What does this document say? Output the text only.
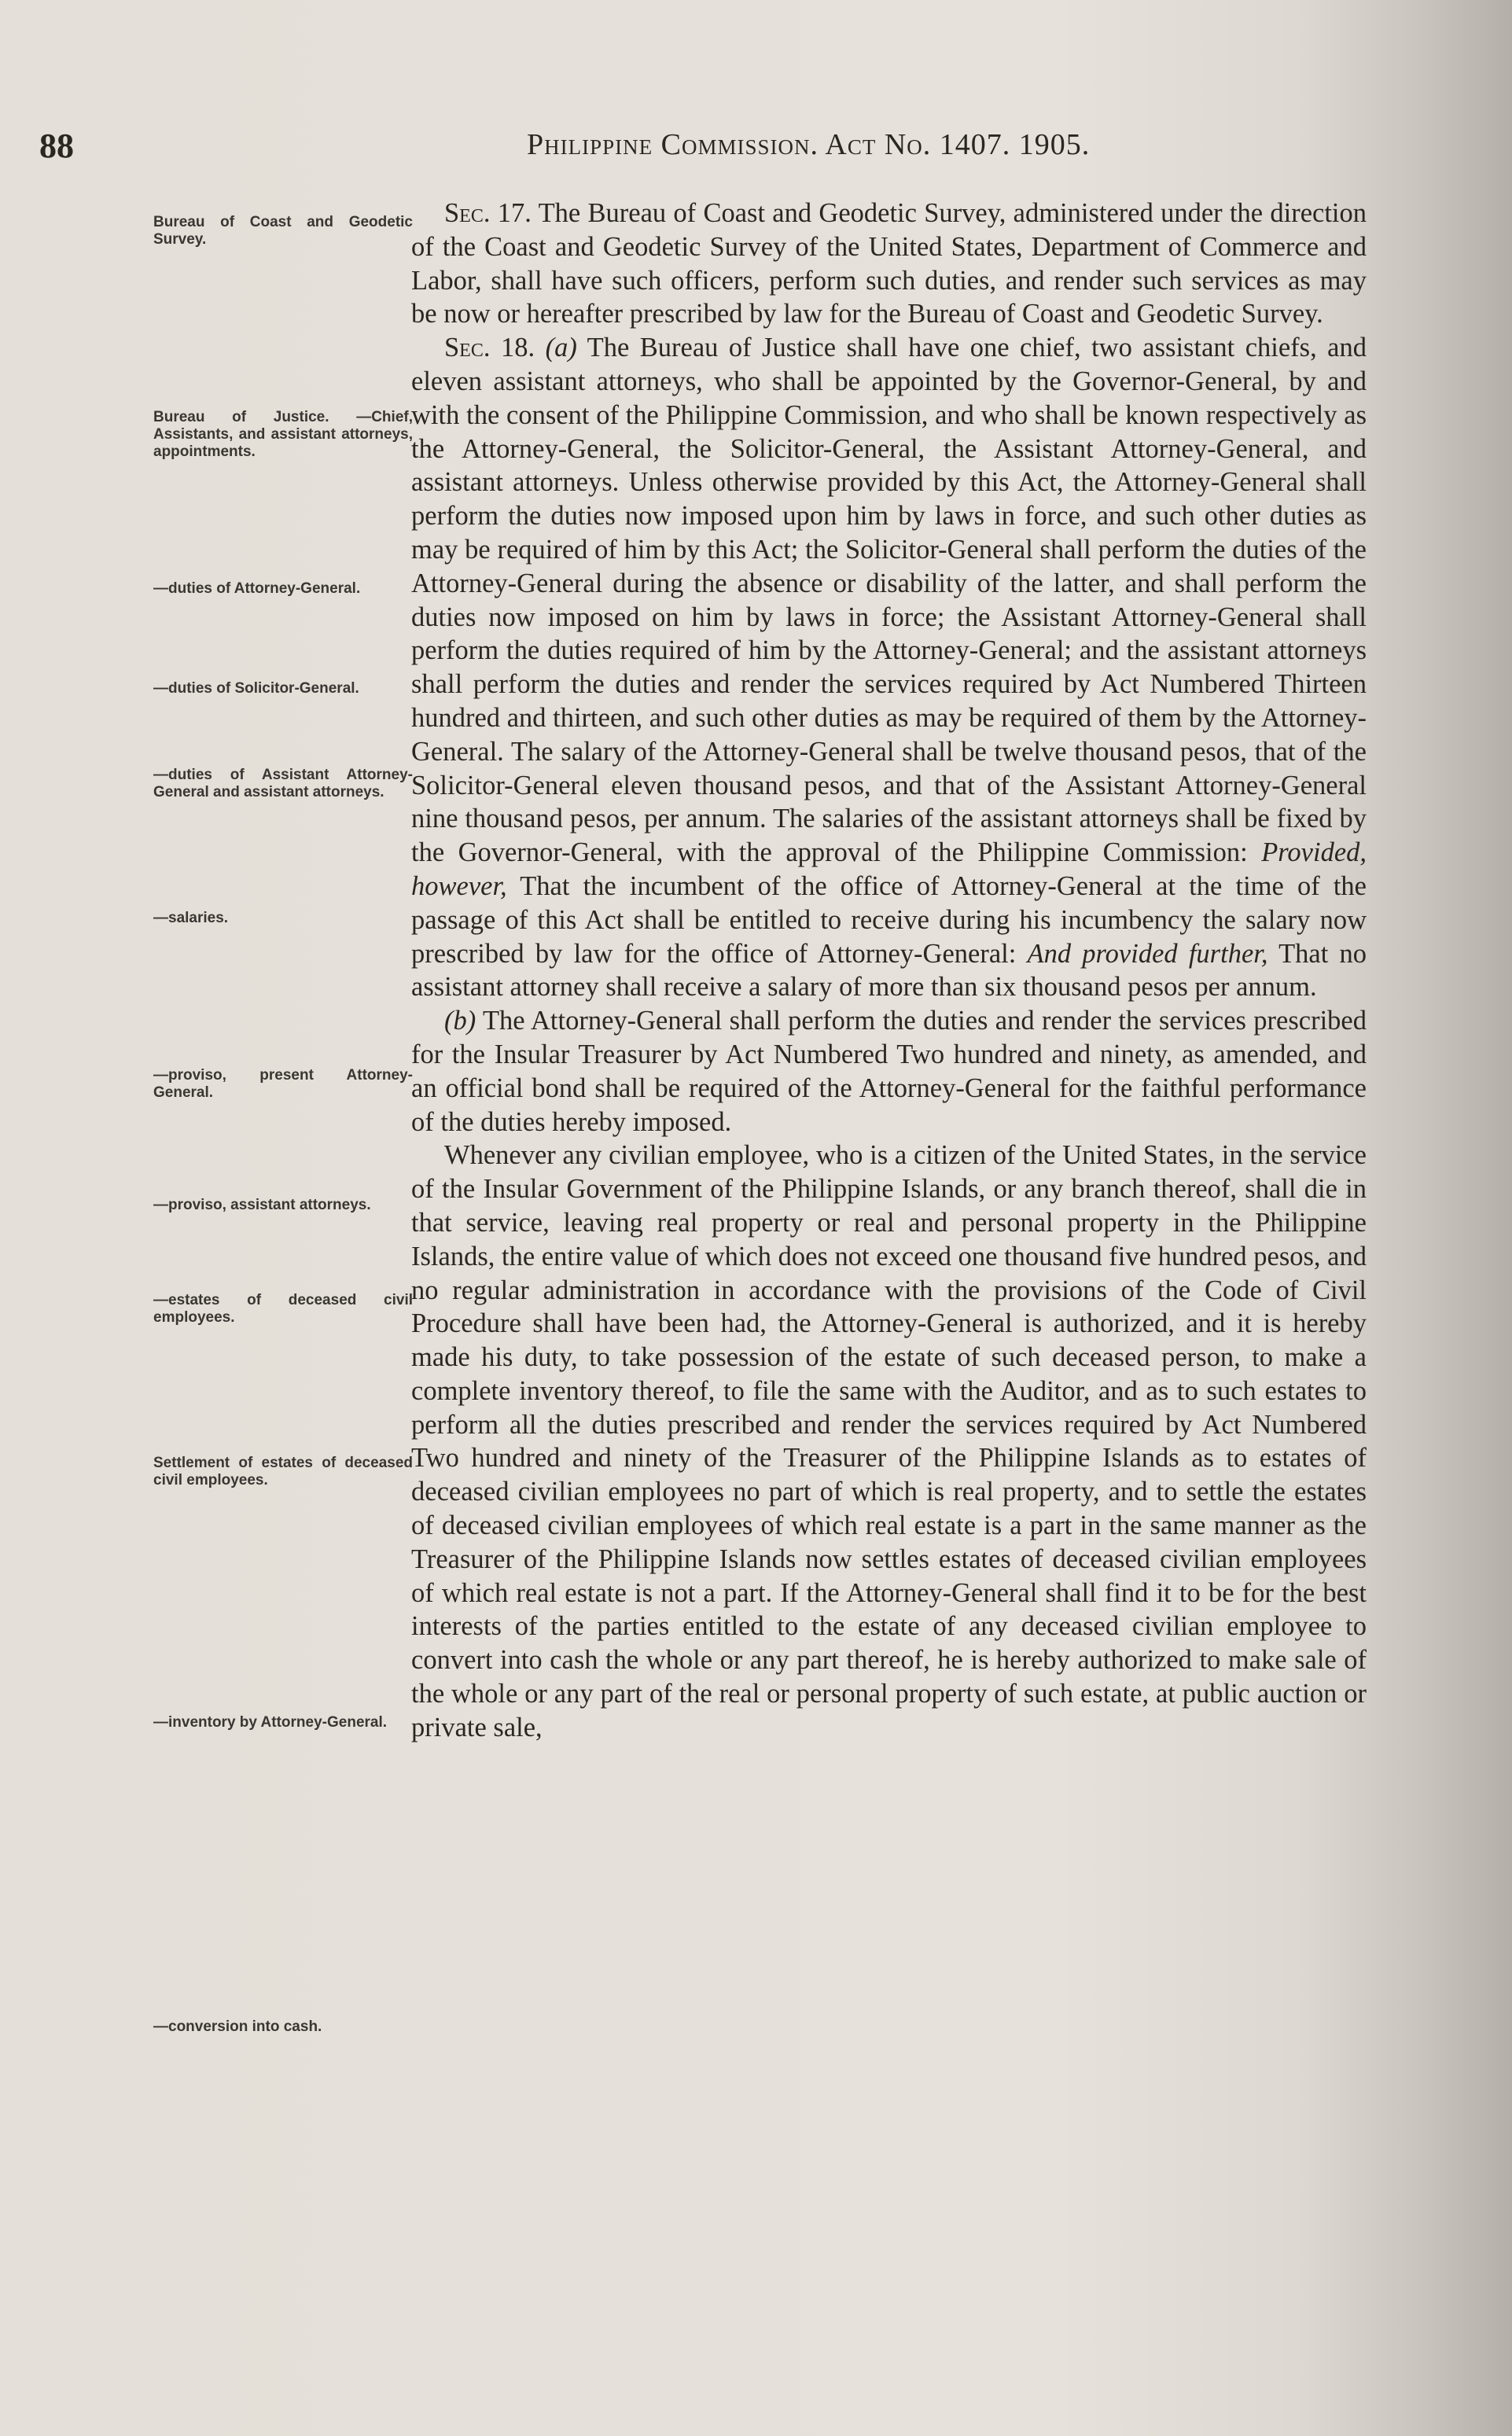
88	Philippine Commission. Act No. 1407. 1905.
Bureau of Coast and Geodetic Survey.
Bureau of Justice. —Chief, Assistants, and assistant attorneys, appointments.
—duties of Attorney-General.
—duties of Solicitor-General.
—duties of Assistant Attorney-General and assistant attorneys.
—salaries.
—proviso, present Attorney-General.
—proviso, assistant attorneys.
—estates of deceased civil employees.
Settlement of estates of deceased civil employees.
—inventory by Attorney-General.
—conversion into cash.

Sec. 17. The Bureau of Coast and Geodetic Survey, administered under the direction of the Coast and Geodetic Survey of the United States, Department of Commerce and Labor, shall have such officers, perform such duties, and render such services as may be now or hereafter prescribed by law for the Bureau of Coast and Geodetic Survey.

Sec. 18. (a) The Bureau of Justice shall have one chief, two assistant chiefs, and eleven assistant attorneys, who shall be appointed by the Governor-General, by and with the consent of the Philippine Commission, and who shall be known respectively as the Attorney-General, the Solicitor-General, the Assistant Attorney-General, and assistant attorneys. Unless otherwise provided by this Act, the Attorney-General shall perform the duties now imposed upon him by laws in force, and such other duties as may be required of him by this Act; the Solicitor-General shall perform the duties of the Attorney-General during the absence or disability of the latter, and shall perform the duties now imposed on him by laws in force; the Assistant Attorney-General shall perform the duties required of him by the Attorney-General; and the assistant attorneys shall perform the duties and render the services required by Act Numbered Thirteen hundred and thirteen, and such other duties as may be required of them by the Attorney-General. The salary of the Attorney-General shall be twelve thousand pesos, that of the Solicitor-General eleven thousand pesos, and that of the Assistant Attorney-General nine thousand pesos, per annum. The salaries of the assistant attorneys shall be fixed by the Governor-General, with the approval of the Philippine Commission: Provided, however, That the incumbent of the office of Attorney-General at the time of the passage of this Act shall be entitled to receive during his incumbency the salary now prescribed by law for the office of Attorney-General: And provided further, That no assistant attorney shall receive a salary of more than six thousand pesos per annum.

(b) The Attorney-General shall perform the duties and render the services prescribed for the Insular Treasurer by Act Numbered Two hundred and ninety, as amended, and an official bond shall be required of the Attorney-General for the faithful performance of the duties hereby imposed.

Whenever any civilian employee, who is a citizen of the United States, in the service of the Insular Government of the Philippine Islands, or any branch thereof, shall die in that service, leaving real property or real and personal property in the Philippine Islands, the entire value of which does not exceed one thousand five hundred pesos, and no regular administration in accordance with the provisions of the Code of Civil Procedure shall have been had, the Attorney-General is authorized, and it is hereby made his duty, to take possession of the estate of such deceased person, to make a complete inventory thereof, to file the same with the Auditor, and as to such estates to perform all the duties prescribed and render the services required by Act Numbered Two hundred and ninety of the Treasurer of the Philippine Islands as to estates of deceased civilian employees no part of which is real property, and to settle the estates of deceased civilian employees of which real estate is a part in the same manner as the Treasurer of the Philippine Islands now settles estates of deceased civilian employees of which real estate is not a part. If the Attorney-General shall find it to be for the best interests of the parties entitled to the estate of any deceased civilian employee to convert into cash the whole or any part thereof, he is hereby authorized to make sale of the whole or any part of the real or personal property of such estate, at public auction or private sale,
